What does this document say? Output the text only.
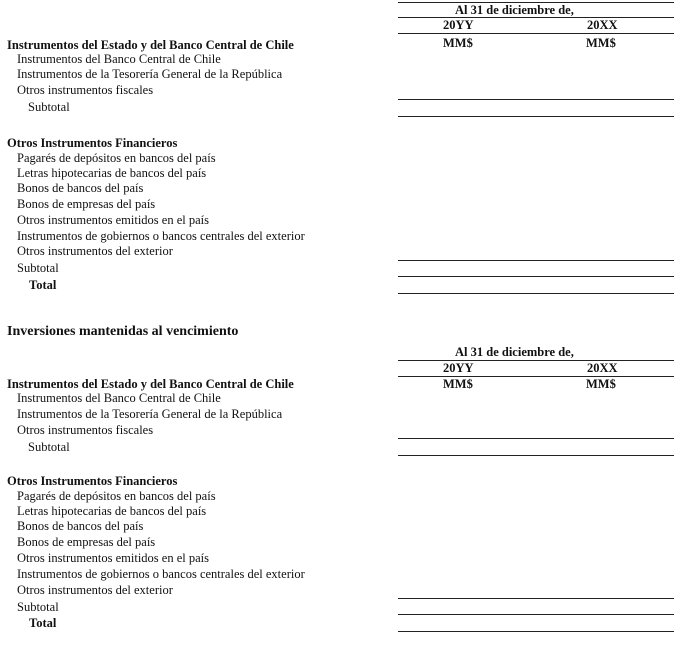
Al 31 de diciembre de,
20YY	20XX
MM$	MM$
Instrumentos del Estado y del Banco Central de Chile
Instrumentos del Banco Central de Chile
Instrumentos de la Tesorería General de la República
Otros instrumentos fiscales
Subtotal
Otros Instrumentos Financieros
Pagarés de depósitos en bancos del país
Letras hipotecarias de bancos del país
Bonos de bancos del país
Bonos de empresas del país
Otros instrumentos emitidos en el país
Instrumentos de gobiernos o bancos centrales del exterior
Otros instrumentos del exterior
Subtotal
Total
Inversiones mantenidas al vencimiento
Al 31 de diciembre de,
20YY	20XX
MM$	MM$
Instrumentos del Estado y del Banco Central de Chile
Instrumentos del Banco Central de Chile
Instrumentos de la Tesorería General de la República
Otros instrumentos fiscales
Subtotal
Otros Instrumentos Financieros
Pagarés de depósitos en bancos del país
Letras hipotecarias de bancos del país
Bonos de bancos del país
Bonos de empresas del país
Otros instrumentos emitidos en el país
Instrumentos de gobiernos o bancos centrales del exterior
Otros instrumentos del exterior
Subtotal
Total
